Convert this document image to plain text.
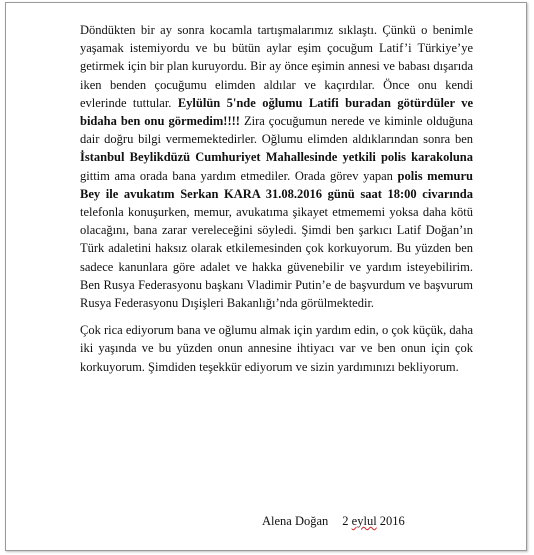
Döndükten bir ay sonra kocamla tartışmalarımız sıklaştı. Çünkü o benimle yaşamak istemiyordu ve bu bütün aylar eşim çocuğum Latif’i Türkiye’ye getirmek için bir plan kuruyordu. Bir ay önce eşimin annesi ve babası dışarıda iken benden çocuğumu elimden aldılar ve kaçırdılar. Önce onu kendi evlerinde tuttular. Eylülün 5'nde oğlumu Latifi buradan götürdüler ve bidaha ben onu görmedim!!!! Zira çocuğumun nerede ve kiminle olduğuna dair doğru bilgi vermemektedirler. Oğlumu elimden aldıklarından sonra ben İstanbul Beylikdüzü Cumhuriyet Mahallesinde yetkili polis karakoluna gittim ama orada bana yardım etmediler. Orada görev yapan polis memuru Bey ile avukatım Serkan KARA 31.08.2016 günü saat 18:00 civarında telefonla konuşurken, memur, avukatıma şikayet etmememi yoksa daha kötü olacağını, bana zarar vereleceğini söyledi. Şimdi ben şarkıcı Latif Doğan’ın Türk adaletini haksız olarak etkilemesinden çok korkuyorum. Bu yüzden ben sadece kanunlara göre adalet ve hakka güvenebilir ve yardım isteyebilirim. Ben Rusya Federasyonu başkanı Vladimir Putin’e de başvurdum ve başvurum Rusya Federasyonu Dışişleri Bakanlığı’nda görülmektedir.

Çok rica ediyorum bana ve oğlumu almak için yardım edin, o çok küçük, daha iki yaşında ve bu yüzden onun annesine ihtiyacı var ve ben onun için çok korkuyorum. Şimdiden teşekkür ediyorum ve sizin yardımınızı bekliyorum.

Alena Doğan 2 eylul 2016
